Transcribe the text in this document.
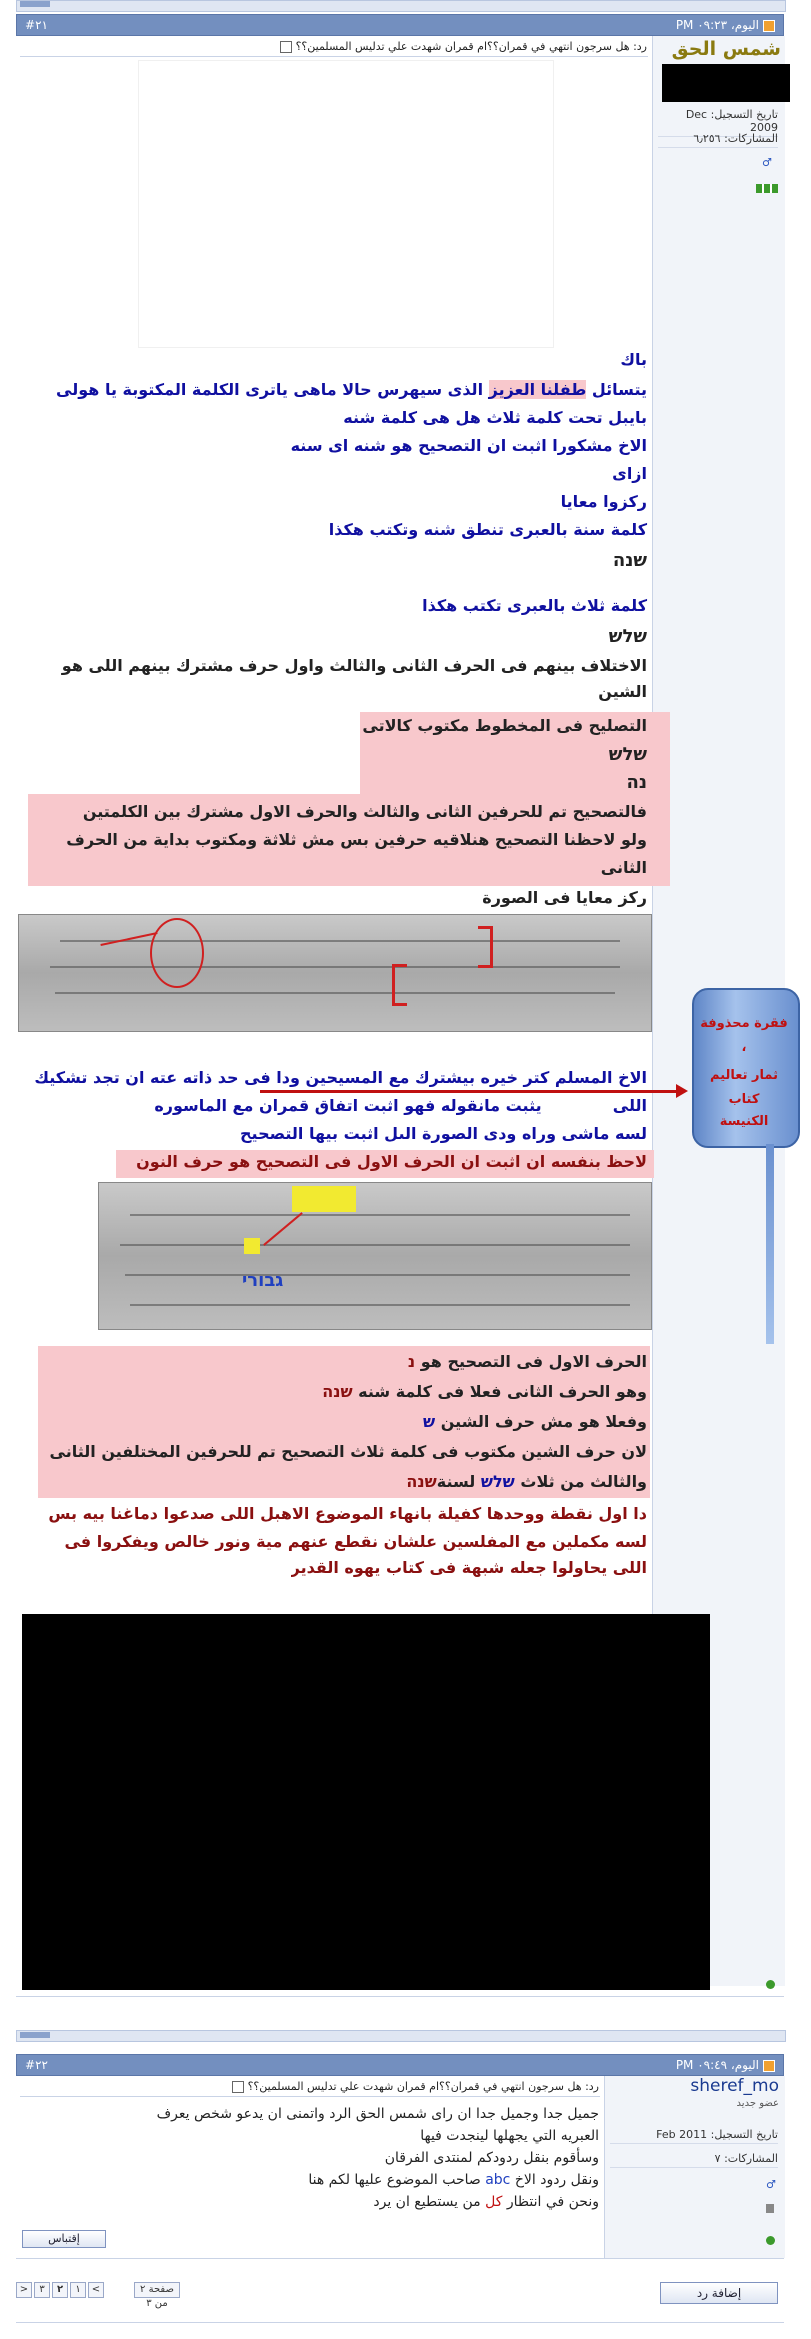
اليوم، ٠٩:٢٣ PM
#٢١
شمس الحق
تاريخ التسجيل: Dec 2009
المشاركات: ٦٫٢٥٦
♂
رد: هل سرجون انتهي في قمران؟؟ام قمران شهدت علي تدليس المسلمين؟؟
باك
يتسائل طفلنا العزيز الذى سيهرس حالا ماهى ياترى الكلمة المكتوبة يا هولى
بايبل تحت كلمة ثلاث هل هى كلمة شنه
الاخ مشكورا اثبت ان التصحيح هو شنه اى سنه
ازاى
ركزوا معايا
كلمة سنة بالعبرى تنطق شنه وتكتب هكذا
שנה
كلمة ثلاث بالعبرى تكتب هكذا
שלש
الاختلاف بينهم فى الحرف الثانى والثالث واول حرف مشترك بينهم اللى هو
الشين
التصليح فى المخطوط مكتوب كالاتى
שלש
נה
فالتصحيح تم للحرفين الثانى والثالث والحرف الاول مشترك بين الكلمتين
ولو لاحظنا التصحيح هنلاقيه حرفين بس مش ثلاثة ومكتوب بداية من الحرف
الثانى
ركز معايا فى الصورة
الاخ المسلم كتر خيره بيشترك مع المسيحين ودا فى حد ذاته عته ان تجد تشكيك
اللى  يثبت مانقوله فهو اثبت اتفاق قمران مع الماسوره
لسه ماشى وراه ودى الصورة الىل اثبت بيها التصحيح
لاحظ بنفسه ان اثبت ان الحرف الاول فى التصحيح هو حرف النون
גבורי
الحرف الاول فى التصحيح هو נ
وهو الحرف الثانى فعلا فى كلمة شنه שנה
وفعلا هو مش حرف الشين ש
لان حرف الشين مكتوب فى كلمة ثلاث التصحيح تم للحرفين المختلفين الثانى
والثالث من ثلاث שלש لسنةשנה
دا اول نقطة ووحدها كفيلة بانهاء الموضوع الاهبل اللى صدعوا دماغنا بيه بس
لسه مكملين مع المفلسين علشان نقطع عنهم مية ونور خالص ويفكروا فى
اللى يحاولوا جعله شبهة فى كتاب يهوه القدير
فقرة محذوفة
،
ثمار تعاليم
كتاب
الكنيسة
اليوم، ٠٩:٤٩ PM
#٢٢
sheref_mo
عضو جديد
تاريخ التسجيل: Feb 2011
المشاركات: ٧
♂
رد: هل سرجون انتهي في قمران؟؟ام قمران شهدت علي تدليس المسلمين؟؟
جميل جدا وجميل جدا ان راى شمس الحق الرد واتمنى ان يدعو شخص يعرف
العبريه التي يجهلها لينجدت فيها
وسأقوم بنقل ردودكم لمنتدى الفرقان
ونقل ردود الاخ abc صاحب الموضوع عليها لكم هنا
ونحن في انتظار كل من يستطيع ان يرد
إقتباس
إضافة رد
صفحة ٢ من ٣
>	٣	٢	١	<
